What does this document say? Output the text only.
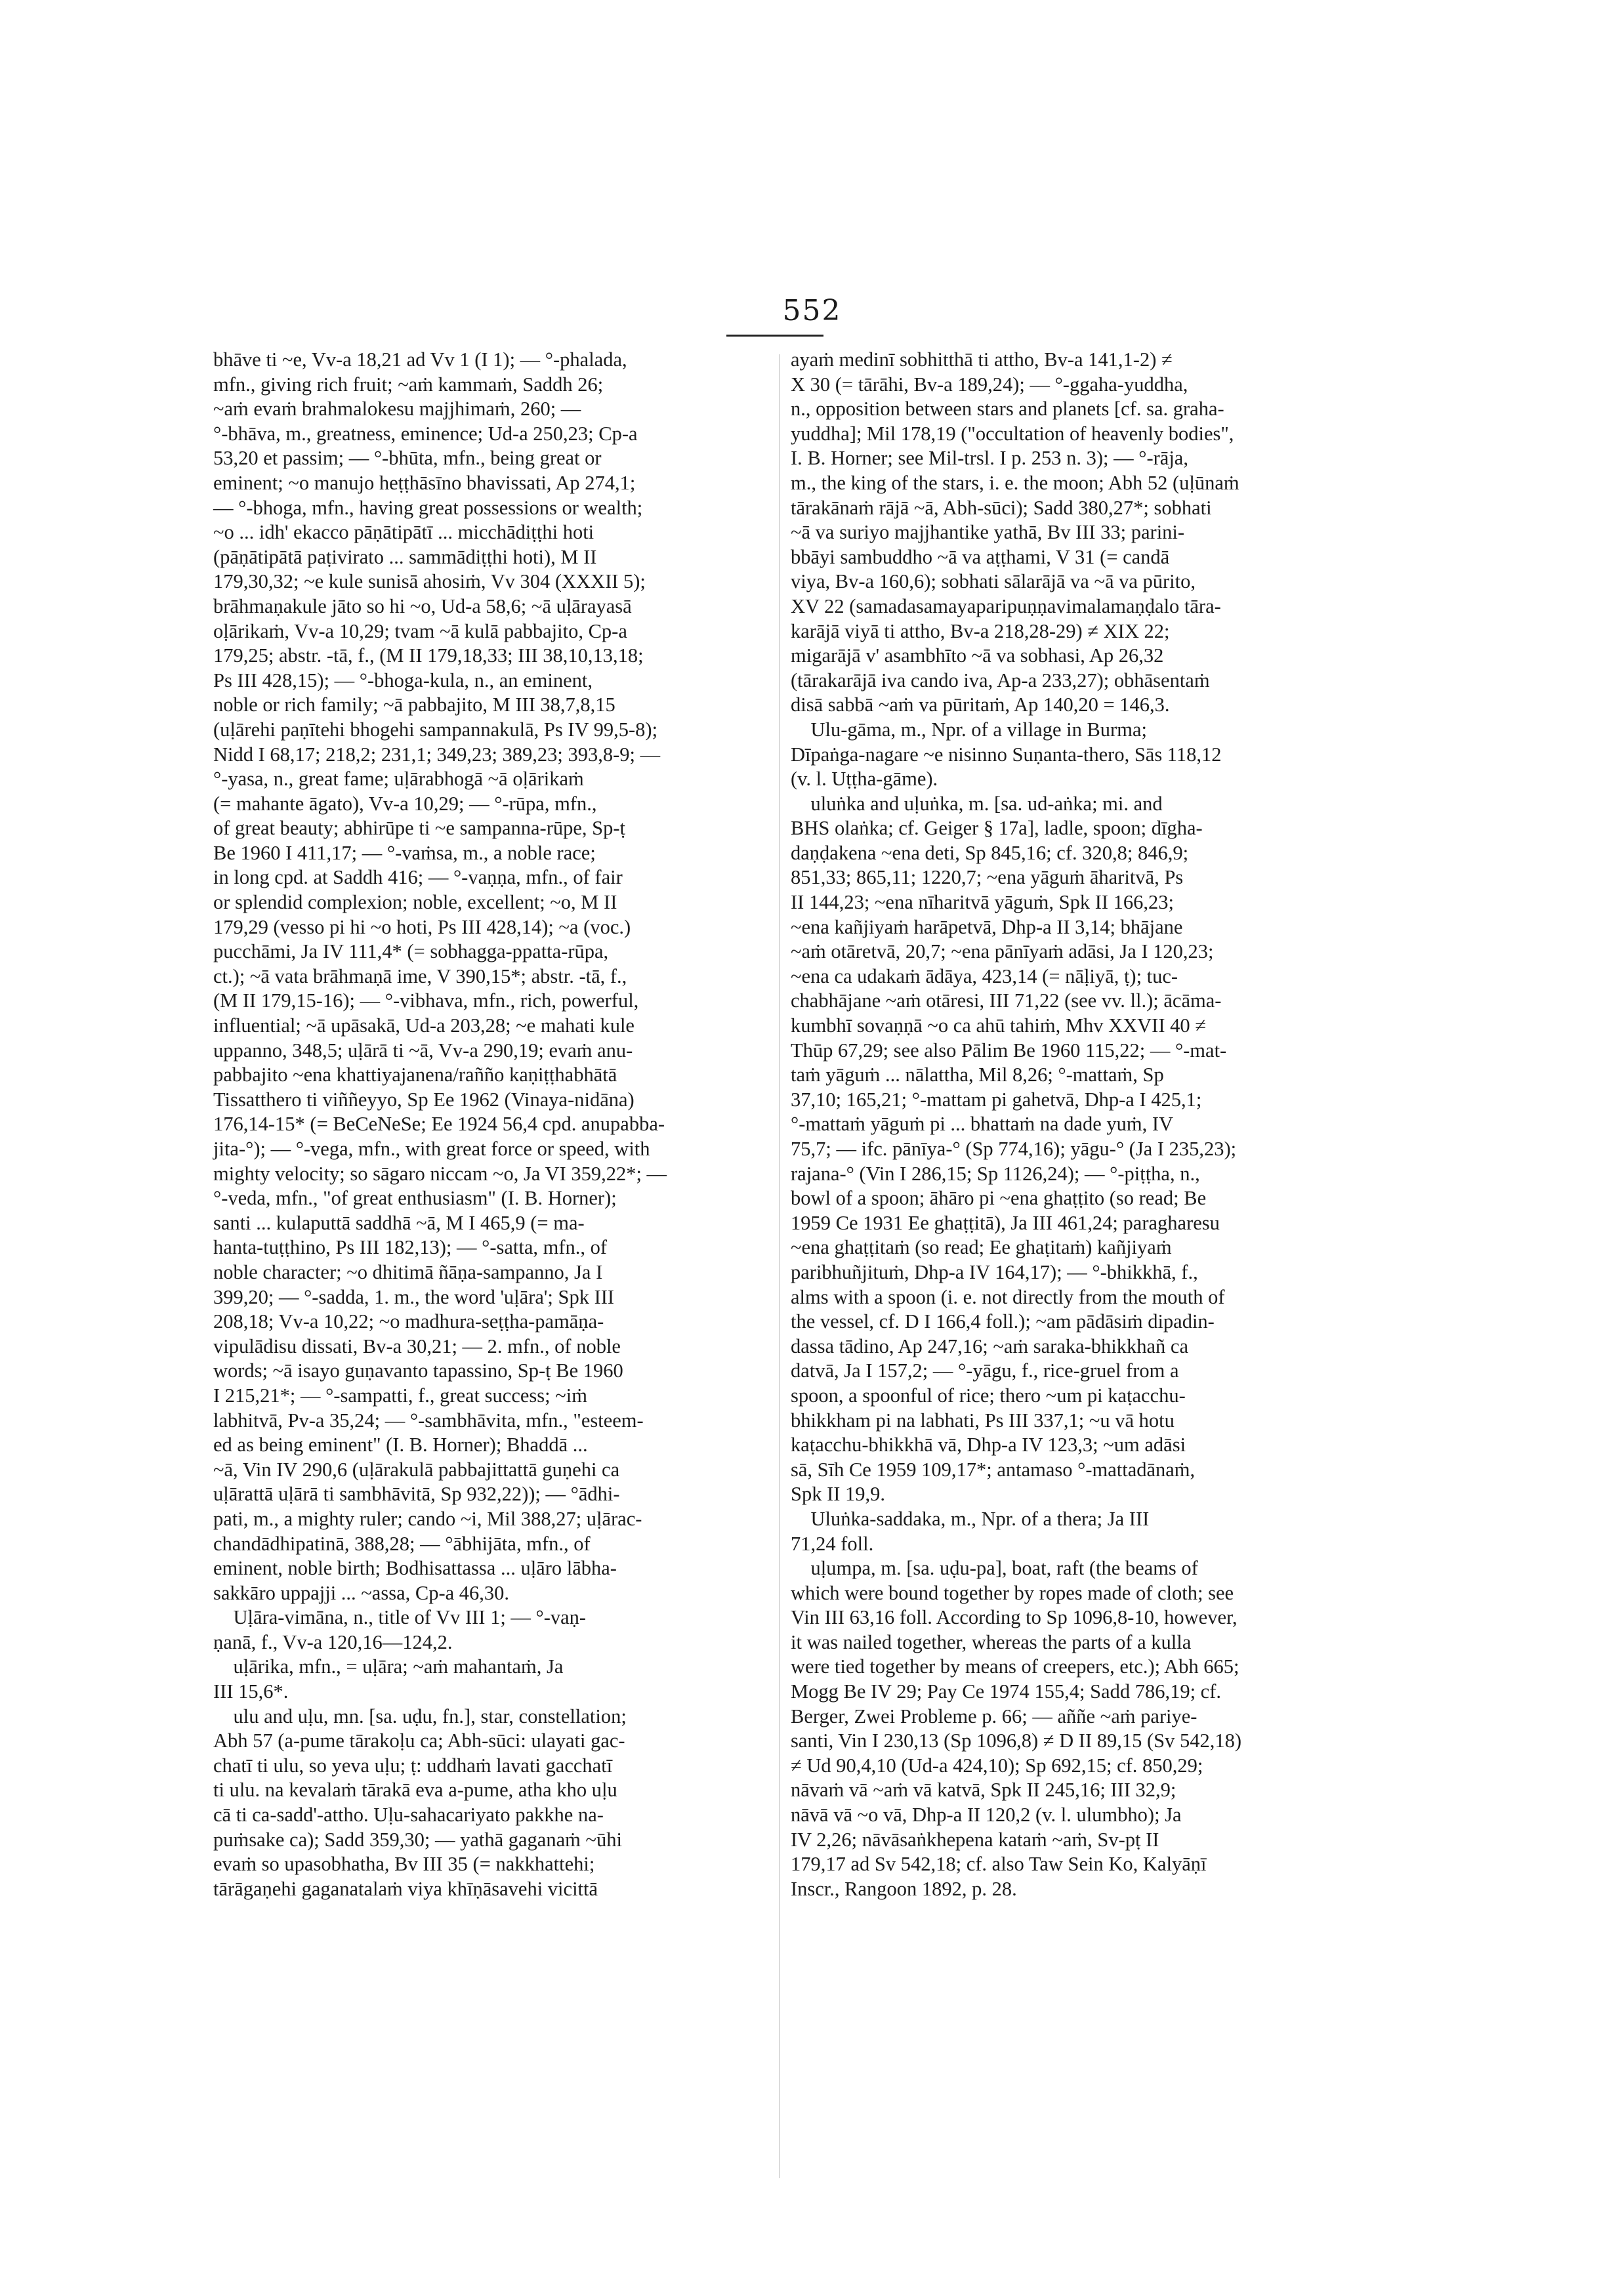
552
bhāve ti ~e, Vv-a 18,21 ad Vv 1 (I 1); — °-phalada,
mfn., giving rich fruit; ~aṁ kammaṁ, Saddh 26;
~aṁ evaṁ brahmalokesu majjhimaṁ, 260; —
°-bhāva, m., greatness, eminence; Ud-a 250,23; Cp-a
53,20 et passim; — °-bhūta, mfn., being great or
eminent; ~o manujo heṭṭhāsīno bhavissati, Ap 274,1;
— °-bhoga, mfn., having great possessions or wealth;
~o ... idh' ekacco pāṇātipātī ... micchādiṭṭhi hoti
(pāṇātipātā paṭivirato ... sammādiṭṭhi hoti), M II
179,30,32; ~e kule sunisā ahosiṁ, Vv 304 (XXXII 5);
brāhmaṇakule jāto so hi ~o, Ud-a 58,6; ~ā uḷārayasā
oḷārikaṁ, Vv-a 10,29; tvam ~ā kulā pabbajito, Cp-a
179,25; abstr. -tā, f., (M II 179,18,33; III 38,10,13,18;
Ps III 428,15); — °-bhoga-kula, n., an eminent,
noble or rich family; ~ā pabbajito, M III 38,7,8,15
(uḷārehi paṇītehi bhogehi sampannakulā, Ps IV 99,5-8);
Nidd I 68,17; 218,2; 231,1; 349,23; 389,23; 393,8-9; —
°-yasa, n., great fame; uḷārabhogā ~ā oḷārikaṁ
(= mahante āgato), Vv-a 10,29; — °-rūpa, mfn.,
of great beauty; abhirūpe ti ~e sampanna-rūpe, Sp-ṭ
Be 1960 I 411,17; — °-vaṁsa, m., a noble race;
in long cpd. at Saddh 416; — °-vaṇṇa, mfn., of fair
or splendid complexion; noble, excellent; ~o, M II
179,29 (vesso pi hi ~o hoti, Ps III 428,14); ~a (voc.)
pucchāmi, Ja IV 111,4* (= sobhagga-ppatta-rūpa,
ct.); ~ā vata brāhmaṇā ime, V 390,15*; abstr. -tā, f.,
(M II 179,15-16); — °-vibhava, mfn., rich, powerful,
influential; ~ā upāsakā, Ud-a 203,28; ~e mahati kule
uppanno, 348,5; uḷārā ti ~ā, Vv-a 290,19; evaṁ anu-
pabbajito ~ena khattiyajanena/rañño kaṇiṭṭhabhātā
Tissatthero ti viññeyyo, Sp Ee 1962 (Vinaya-nidāna)
176,14-15* (= BeCeNeSe; Ee 1924 56,4 cpd. anupabba-
jita-°); — °-vega, mfn., with great force or speed, with
mighty velocity; so sāgaro niccam ~o, Ja VI 359,22*; —
°-veda, mfn., "of great enthusiasm" (I. B. Horner);
santi ... kulaputtā saddhā ~ā, M I 465,9 (= ma-
hanta-tuṭṭhino, Ps III 182,13); — °-satta, mfn., of
noble character; ~o dhitimā ñāṇa-sampanno, Ja I
399,20; — °-sadda, 1. m., the word 'uḷāra'; Spk III
208,18; Vv-a 10,22; ~o madhura-seṭṭha-pamāṇa-
vipulādisu dissati, Bv-a 30,21; — 2. mfn., of noble
words; ~ā isayo guṇavanto tapassino, Sp-ṭ Be 1960
I 215,21*; — °-sampatti, f., great success; ~iṁ
labhitvā, Pv-a 35,24; — °-sambhāvita, mfn., "esteem-
ed as being eminent" (I. B. Horner); Bhaddā ...
~ā, Vin IV 290,6 (uḷārakulā pabbajittattā guṇehi ca
uḷārattā uḷārā ti sambhāvitā, Sp 932,22)); — °ādhi-
pati, m., a mighty ruler; cando ~i, Mil 388,27; uḷārac-
chandādhipatinā, 388,28; — °ābhijāta, mfn., of
eminent, noble birth; Bodhisattassa ... uḷāro lābha-
sakkāro uppajji ... ~assa, Cp-a 46,30.
Uḷāra-vimāna, n., title of Vv III 1; — °-vaṇ-
ṇanā, f., Vv-a 120,16—124,2.
uḷārika, mfn., = uḷāra; ~aṁ mahantaṁ, Ja
III 15,6*.
ulu and uḷu, mn. [sa. uḍu, fn.], star, constellation;
Abh 57 (a-pume tārakoḷu ca; Abh-sūci: ulayati gac-
chatī ti ulu, so yeva uḷu; ṭ: uddhaṁ lavati gacchatī
ti ulu. na kevalaṁ tārakā eva a-pume, atha kho uḷu
cā ti ca-sadd'-attho. Uḷu-sahacariyato pakkhe na-
puṁsake ca); Sadd 359,30; — yathā gaganaṁ ~ūhi
evaṁ so upasobhatha, Bv III 35 (= nakkhattehi;
tārāgaṇehi gaganatalaṁ viya khīṇāsavehi vicittā
ayaṁ medinī sobhitthā ti attho, Bv-a 141,1-2) ≠
X 30 (= tārāhi, Bv-a 189,24); — °-ggaha-yuddha,
n., opposition between stars and planets [cf. sa. graha-
yuddha]; Mil 178,19 ("occultation of heavenly bodies",
I. B. Horner; see Mil-trsl. I p. 253 n. 3); — °-rāja,
m., the king of the stars, i. e. the moon; Abh 52 (uḷūnaṁ
tārakānaṁ rājā ~ā, Abh-sūci); Sadd 380,27*; sobhati
~ā va suriyo majjhantike yathā, Bv III 33; parini-
bbāyi sambuddho ~ā va aṭṭhami, V 31 (= candā
viya, Bv-a 160,6); sobhati sālarājā va ~ā va pūrito,
XV 22 (samadasamayaparipuṇṇavimalamaṇḍalo tāra-
karājā viyā ti attho, Bv-a 218,28-29) ≠ XIX 22;
migarājā v' asambhīto ~ā va sobhasi, Ap 26,32
(tārakarājā iva cando iva, Ap-a 233,27); obhāsentaṁ
disā sabbā ~aṁ va pūritaṁ, Ap 140,20 = 146,3.
Ulu-gāma, m., Npr. of a village in Burma;
Dīpaṅga-nagare ~e nisinno Suṇanta-thero, Sās 118,12
(v. l. Uṭṭha-gāme).
uluṅka and uḷuṅka, m. [sa. ud-aṅka; mi. and
BHS olaṅka; cf. Geiger § 17a], ladle, spoon; dīgha-
daṇḍakena ~ena deti, Sp 845,16; cf. 320,8; 846,9;
851,33; 865,11; 1220,7; ~ena yāguṁ āharitvā, Ps
II 144,23; ~ena nīharitvā yāguṁ, Spk II 166,23;
~ena kañjiyaṁ harāpetvā, Dhp-a II 3,14; bhājane
~aṁ otāretvā, 20,7; ~ena pānīyaṁ adāsi, Ja I 120,23;
~ena ca udakaṁ ādāya, 423,14 (= nāḷiyā, ṭ); tuc-
chabhājane ~aṁ otāresi, III 71,22 (see vv. ll.); ācāma-
kumbhī sovaṇṇā ~o ca ahū tahiṁ, Mhv XXVII 40 ≠
Thūp 67,29; see also Pālim Be 1960 115,22; — °-mat-
taṁ yāguṁ ... nālattha, Mil 8,26; °-mattaṁ, Sp
37,10; 165,21; °-mattam pi gahetvā, Dhp-a I 425,1;
°-mattaṁ yāguṁ pi ... bhattaṁ na dade yuṁ, IV
75,7; — ifc. pānīya-° (Sp 774,16); yāgu-° (Ja I 235,23);
rajana-° (Vin I 286,15; Sp 1126,24); — °-piṭṭha, n.,
bowl of a spoon; āhāro pi ~ena ghaṭṭito (so read; Be
1959 Ce 1931 Ee ghaṭṭitā), Ja III 461,24; paragharesu
~ena ghaṭṭitaṁ (so read; Ee ghaṭitaṁ) kañjiyaṁ
paribhuñjituṁ, Dhp-a IV 164,17); — °-bhikkhā, f.,
alms with a spoon (i. e. not directly from the mouth of
the vessel, cf. D I 166,4 foll.); ~am pādāsiṁ dipadin-
dassa tādino, Ap 247,16; ~aṁ saraka-bhikkhañ ca
datvā, Ja I 157,2; — °-yāgu, f., rice-gruel from a
spoon, a spoonful of rice; thero ~um pi kaṭacchu-
bhikkham pi na labhati, Ps III 337,1; ~u vā hotu
kaṭacchu-bhikkhā vā, Dhp-a IV 123,3; ~um adāsi
sā, Sīh Ce 1959 109,17*; antamaso °-mattadānaṁ,
Spk II 19,9.
Uluṅka-saddaka, m., Npr. of a thera; Ja III
71,24 foll.
uḷumpa, m. [sa. uḍu-pa], boat, raft (the beams of
which were bound together by ropes made of cloth; see
Vin III 63,16 foll. According to Sp 1096,8-10, however,
it was nailed together, whereas the parts of a kulla
were tied together by means of creepers, etc.); Abh 665;
Mogg Be IV 29; Pay Ce 1974 155,4; Sadd 786,19; cf.
Berger, Zwei Probleme p. 66; — aññe ~aṁ pariye-
santi, Vin I 230,13 (Sp 1096,8) ≠ D II 89,15 (Sv 542,18)
≠ Ud 90,4,10 (Ud-a 424,10); Sp 692,15; cf. 850,29;
nāvaṁ vā ~aṁ vā katvā, Spk II 245,16; III 32,9;
nāvā vā ~o vā, Dhp-a II 120,2 (v. l. ulumbho); Ja
IV 2,26; nāvāsaṅkhepena kataṁ ~aṁ, Sv-pṭ II
179,17 ad Sv 542,18; cf. also Taw Sein Ko, Kalyāṇī
Inscr., Rangoon 1892, p. 28.
